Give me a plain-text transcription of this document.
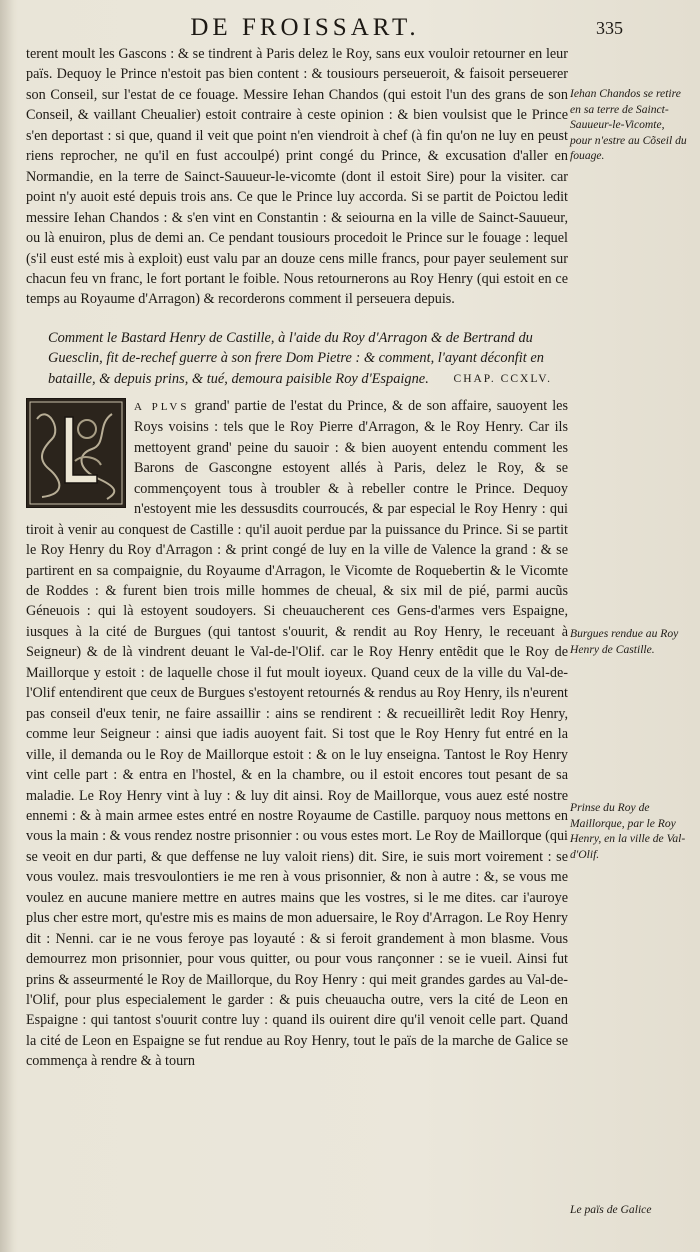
DE FROISSART.	335

terent moult les Gascons : & se tindrent à Paris delez le Roy, sans eux vouloir retourner en leur païs. Dequoy le Prince n'estoit pas bien content : & tousiours perseueroit, & faisoit perseuerer son Conseil, sur l'estat de ce fouage. Messire Iehan Chandos (qui estoit l'un des grans de son Conseil, & vaillant Cheualier) estoit contraire à ceste opinion : & bien voulsist que le Prince s'en deportast : si que, quand il veit que point n'en viendroit à chef (à fin qu'on ne luy en peust riens reprocher, ne qu'il en fust accoulpé) print congé du Prince, & excusation d'aller en Normandie, en la terre de Sainct-Sauueur-le-vicomte (dont il estoit Sire) pour la visiter. car point n'y auoit esté depuis trois ans. Ce que le Prince luy accorda. Si se partit de Poictou ledit messire Iehan Chandos : & s'en vint en Constantin : & seiourna en la ville de Sainct-Sauueur, ou là enuiron, plus de demi an. Ce pendant tousiours procedoit le Prince sur le fouage : lequel (s'il eust esté mis à exploit) eust valu par an douze cens mille francs, pour payer seulement sur chacun feu vn franc, le fort portant le foible. Nous retournerons au Roy Henry (qui estoit en ce temps au Royaume d'Arragon) & recorderons comment il perseuera depuis.

Comment le Bastard Henry de Castille, à l'aide du Roy d'Arragon & de Bertrand du Guesclin, fit de-rechef guerre à son frere Dom Pietre : & comment, l'ayant déconfit en bataille, & depuis prins, & tué, demoura paisible Roy d'Espaigne.	CHAP. CCXLV.

A PLVS grand' partie de l'estat du Prince, & de son affaire, sauoyent les Roys voisins : tels que le Roy Pierre d'Arragon, & le Roy Henry. Car ils mettoyent grand' peine du sauoir : & bien auoyent entendu comment les Barons de Gascongne estoyent allés à Paris, delez le Roy, & se commençoyent tous à troubler & à rebeller contre le Prince. Dequoy n'estoyent mie les dessusdits courroucés, & par especial le Roy Henry : qui tiroit à venir au conquest de Castille : qu'il auoit perdue par la puissance du Prince. Si se partit le Roy Henry du Roy d'Arragon : & print congé de luy en la ville de Valence la grand : & se partirent en sa compaignie, du Royaume d'Arragon, le Vicomte de Roquebertin & le Vicomte de Roddes : & furent bien trois mille hommes de cheual, & six mil de pié, parmi aucũs Géneuois : qui là estoyent soudoyers. Si cheuaucherent ces Gens-d'armes vers Espaigne, iusques à la cité de Burgues (qui tantost s'ouurit, & rendit au Roy Henry, le receuant à Seigneur) & de là vindrent deuant le Val-de-l'Olif. car le Roy Henry entẽdit que le Roy de Maillorque y estoit : de laquelle chose il fut moult ioyeux. Quand ceux de la ville du Val-de-l'Olif entendirent que ceux de Burgues s'estoyent retournés & rendus au Roy Henry, ils n'eurent pas conseil d'eux tenir, ne faire assaillir : ains se rendirent : & recueillirẽt ledit Roy Henry, comme leur Seigneur : ainsi que iadis auoyent fait. Si tost que le Roy Henry fut entré en la ville, il demanda ou le Roy de Maillorque estoit : & on le luy enseigna. Tantost le Roy Henry vint celle part : & entra en l'hostel, & en la chambre, ou il estoit encores tout pesant de sa maladie. Le Roy Henry vint à luy : & luy dit ainsi. Roy de Maillorque, vous auez esté nostre ennemi : & à main armee estes entré en nostre Royaume de Castille. parquoy nous mettons en vous la main : & vous rendez nostre prisonnier : ou vous estes mort. Le Roy de Maillorque (qui se veoit en dur parti, & que deffense ne luy valoit riens) dit. Sire, ie suis mort voirement : se vous voulez. mais tresvoulontiers ie me ren à vous prisonnier, & non à autre : &, se vous me voulez en aucune maniere mettre en autres mains que les vostres, si le me dites. car i'auroye plus cher estre mort, qu'estre mis es mains de mon aduersaire, le Roy d'Arragon. Le Roy Henry dit : Nenni. car ie ne vous feroye pas loyauté : & si feroit grandement à mon blasme. Vous demourrez mon prisonnier, pour vous quitter, ou pour vous rançonner : se ie vueil. Ainsi fut prins & asseurmenté le Roy de Maillorque, du Roy Henry : qui meit grandes gardes au Val-de-l'Olif, pour plus especialement le garder : & puis cheuaucha outre, vers la cité de Leon en Espaigne : qui tantost s'ouurit contre luy : quand ils ouirent dire qu'il venoit celle part. Quand la cité de Leon en Espaigne se fut rendue au Roy Henry, tout le païs de la marche de Galice se commença à rendre & à tourn

Iehan Chandos se retire en sa terre de Sainct-Sauueur-le-Vicomte, pour n'estre au Cõseil du fouage.
Burgues rendue au Roy Henry de Castille.
Prinse du Roy de Maillorque, par le Roy Henry, en la ville de Val-d'Olif.
Le païs de Galice
